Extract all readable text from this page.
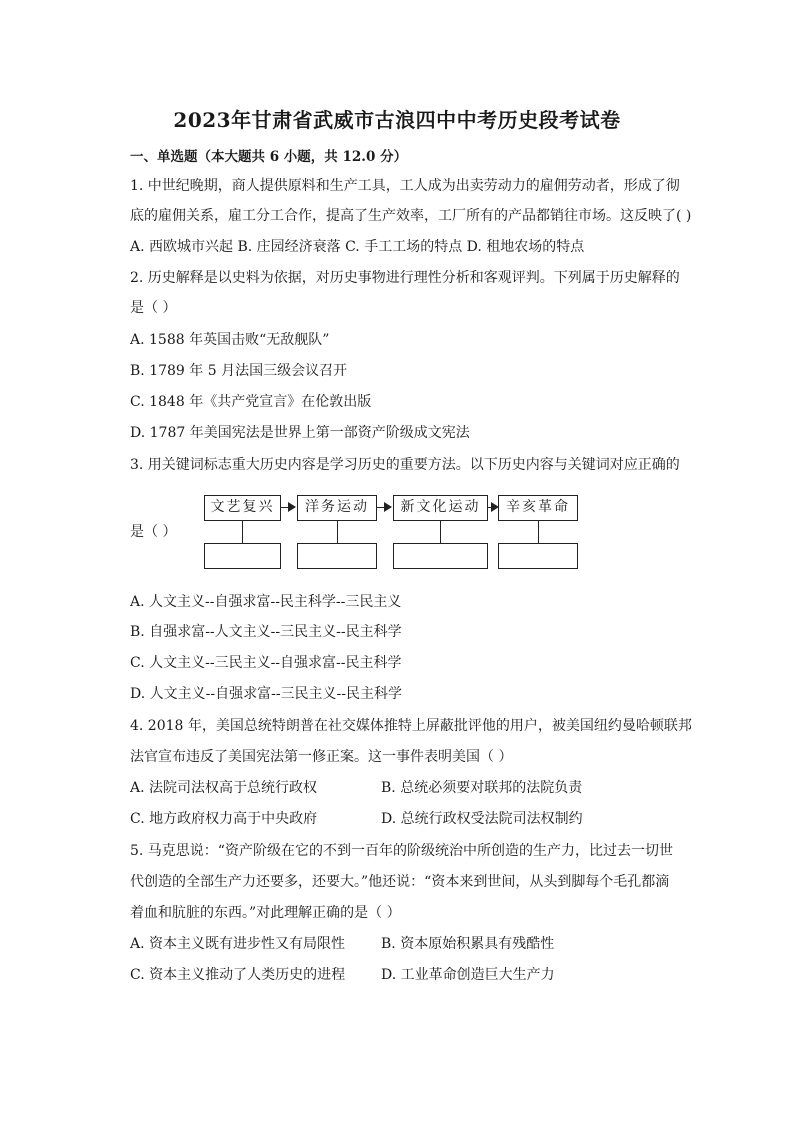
2023年甘肃省武威市古浪四中中考历史段考试卷
一、单选题（本大题共 6 小题，共 12.0 分）
1. 中世纪晚期，商人提供原料和生产工具，工人成为出卖劳动力的雇佣劳动者，形成了彻
底的雇佣关系，雇工分工合作，提高了生产效率，工厂所有的产品都销往市场。这反映了( )
A. 西欧城市兴起 B. 庄园经济衰落 C. 手工工场的特点 D. 租地农场的特点
2. 历史解释是以史料为依据，对历史事物进行理性分析和客观评判。下列属于历史解释的
是（ ）
A. 1588 年英国击败“无敌舰队”
B. 1789 年 5 月法国三级会议召开
C. 1848 年《共产党宣言》在伦敦出版
D. 1787 年美国宪法是世界上第一部资产阶级成文宪法
3. 用关键词标志重大历史内容是学习历史的重要方法。以下历史内容与关键词对应正确的
是（ ）
文艺复兴	洋务运动	新文化运动	辛亥革命
A. 人文主义--自强求富--民主科学--三民主义
B. 自强求富--人文主义--三民主义--民主科学
C. 人文主义--三民主义--自强求富--民主科学
D. 人文主义--自强求富--三民主义--民主科学
4. 2018 年，美国总统特朗普在社交媒体推特上屏蔽批评他的用户，被美国纽约曼哈顿联邦
法官宣布违反了美国宪法第一修正案。这一事件表明美国（ ）
A. 法院司法权高于总统行政权	B. 总统必须要对联邦的法院负责
C. 地方政府权力高于中央政府	D. 总统行政权受法院司法权制约
5. 马克思说：“资产阶级在它的不到一百年的阶级统治中所创造的生产力，比过去一切世
代创造的全部生产力还要多，还要大。”他还说：“资本来到世间，从头到脚每个毛孔都滴
着血和肮脏的东西。”对此理解正确的是（ ）
A. 资本主义既有进步性又有局限性	B. 资本原始积累具有残酷性
C. 资本主义推动了人类历史的进程	D. 工业革命创造巨大生产力
